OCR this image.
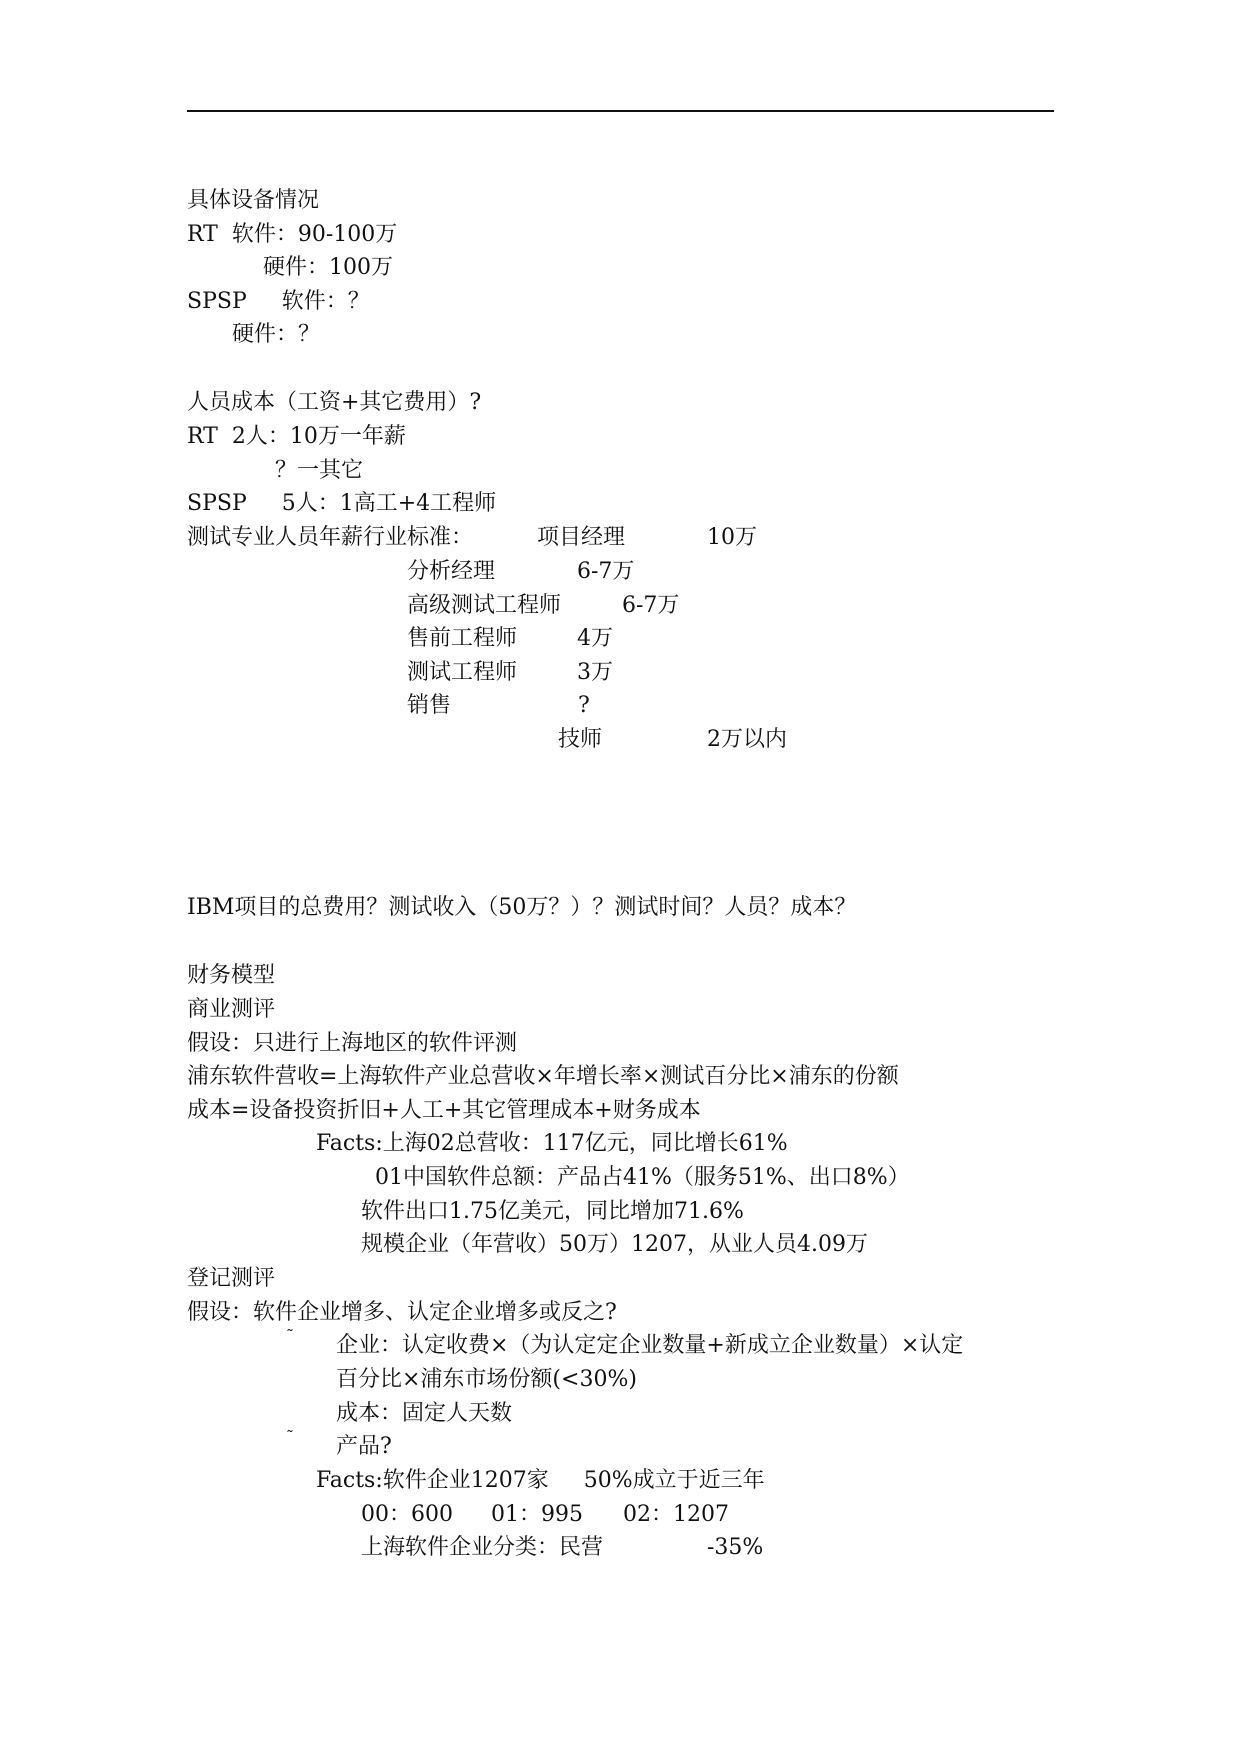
具体设备情况
RT  软件：90-100万
硬件：100万
SPSP     软件：？
硬件：？
人员成本（工资+其它费用）?
RT  2人：10万一年薪
？一其它
SPSP     5人：1高工+4工程师
测试专业人员年薪行业标准：	项目经理	10万
分析经理	6-7万
高级测试工程师	6-7万
售前工程师	4万
测试工程师	3万
销售	?
技师	2万以内
IBM项目的总费用？测试收入（50万？）？测试时间？人员？成本？
财务模型
商业测评
假设：只进行上海地区的软件评测
浦东软件营收=上海软件产业总营收×年增长率×测试百分比×浦东的份额
成本=设备投资折旧+人工+其它管理成本+财务成本
Facts:上海02总营收：117亿元，同比增长61%
01中国软件总额：产品占41%（服务51%、出口8%）
软件出口1.75亿美元，同比增加71.6%
规模企业（年营收）50万）1207，从业人员4.09万
登记测评
假设：软件企业增多、认定企业增多或反之?
˜ 企业：认定收费×（为认定定企业数量+新成立企业数量）×认定
百分比×浦东市场份额(<30%)
成本：固定人天数
˜ 产品?
Facts:软件企业1207家     50%成立于近三年
00：600 01：995 02：1207
上海软件企业分类：民营	-35%
